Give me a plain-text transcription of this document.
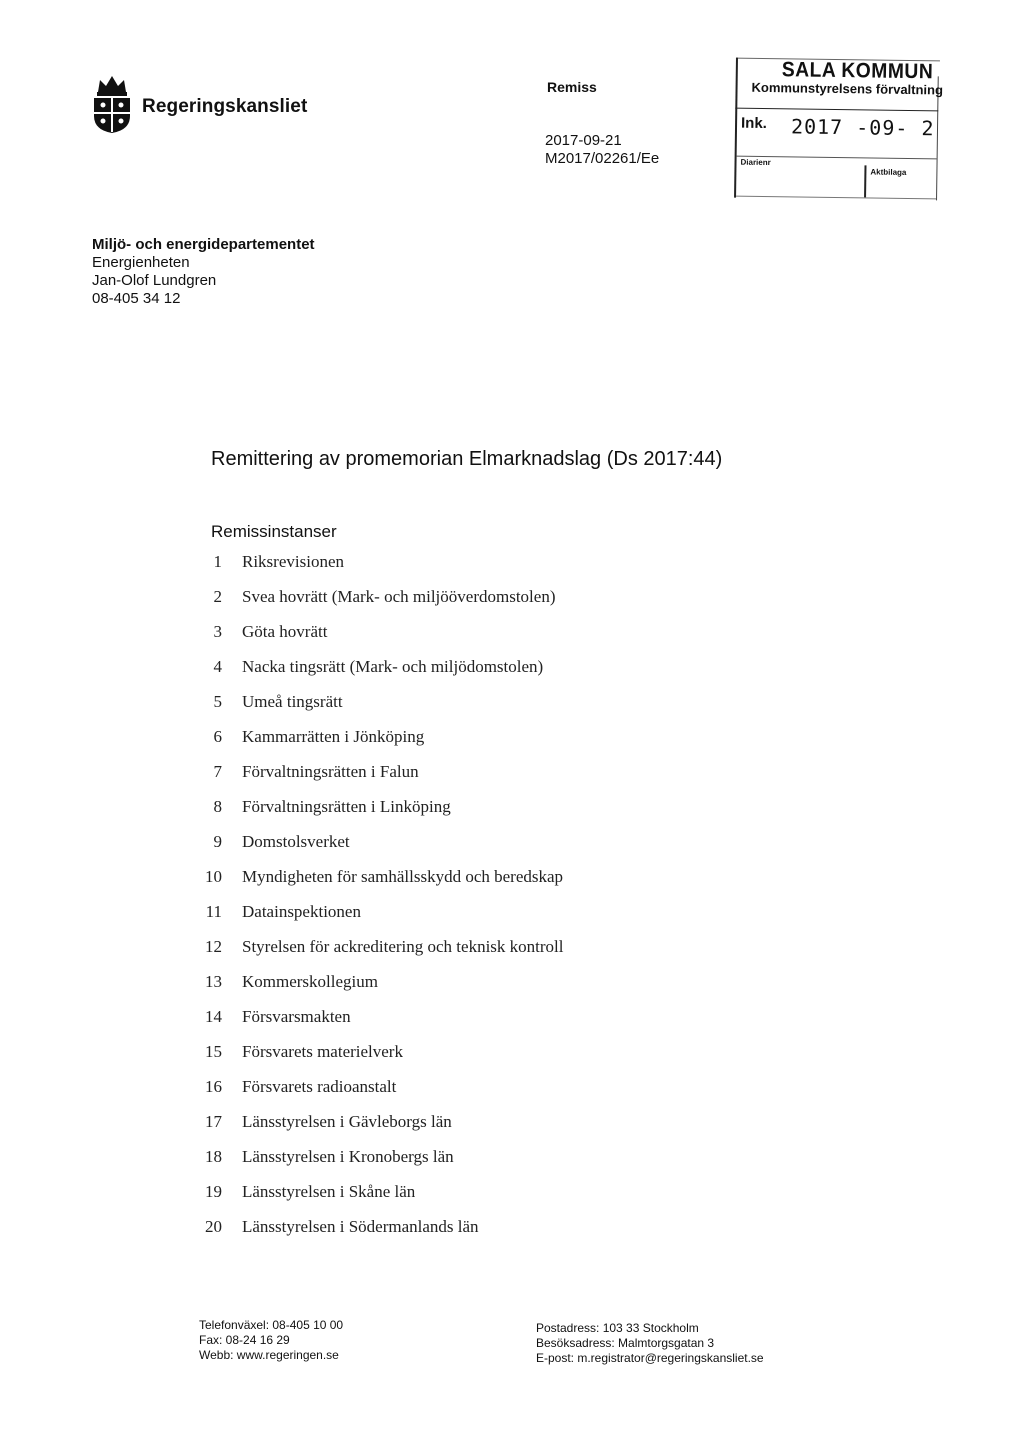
Regeringskansliet
Remiss
2017-09-21
M2017/02261/Ee
SALA KOMMUN
Kommunstyrelsens förvaltning
Ink. 2017 -09- 2
Diarienr
Aktbilaga
Miljö- och energidepartementet
Energienheten
Jan-Olof Lundgren
08-405 34 12
Remittering av promemorian Elmarknadslag (Ds 2017:44)
Remissinstanser
1 Riksrevisionen
2 Svea hovrätt (Mark- och miljööverdomstolen)
3 Göta hovrätt
4 Nacka tingsrätt (Mark- och miljödomstolen)
5 Umeå tingsrätt
6 Kammarrätten i Jönköping
7 Förvaltningsrätten i Falun
8 Förvaltningsrätten i Linköping
9 Domstolsverket
10 Myndigheten för samhällsskydd och beredskap
11 Datainspektionen
12 Styrelsen för ackreditering och teknisk kontroll
13 Kommerskollegium
14 Försvarsmakten
15 Försvarets materielverk
16 Försvarets radioanstalt
17 Länsstyrelsen i Gävleborgs län
18 Länsstyrelsen i Kronobergs län
19 Länsstyrelsen i Skåne län
20 Länsstyrelsen i Södermanlands län
Telefonväxel: 08-405 10 00
Fax: 08-24 16 29
Webb: www.regeringen.se
Postadress: 103 33 Stockholm
Besöksadress: Malmtorgsgatan 3
E-post: m.registrator@regeringskansliet.se
